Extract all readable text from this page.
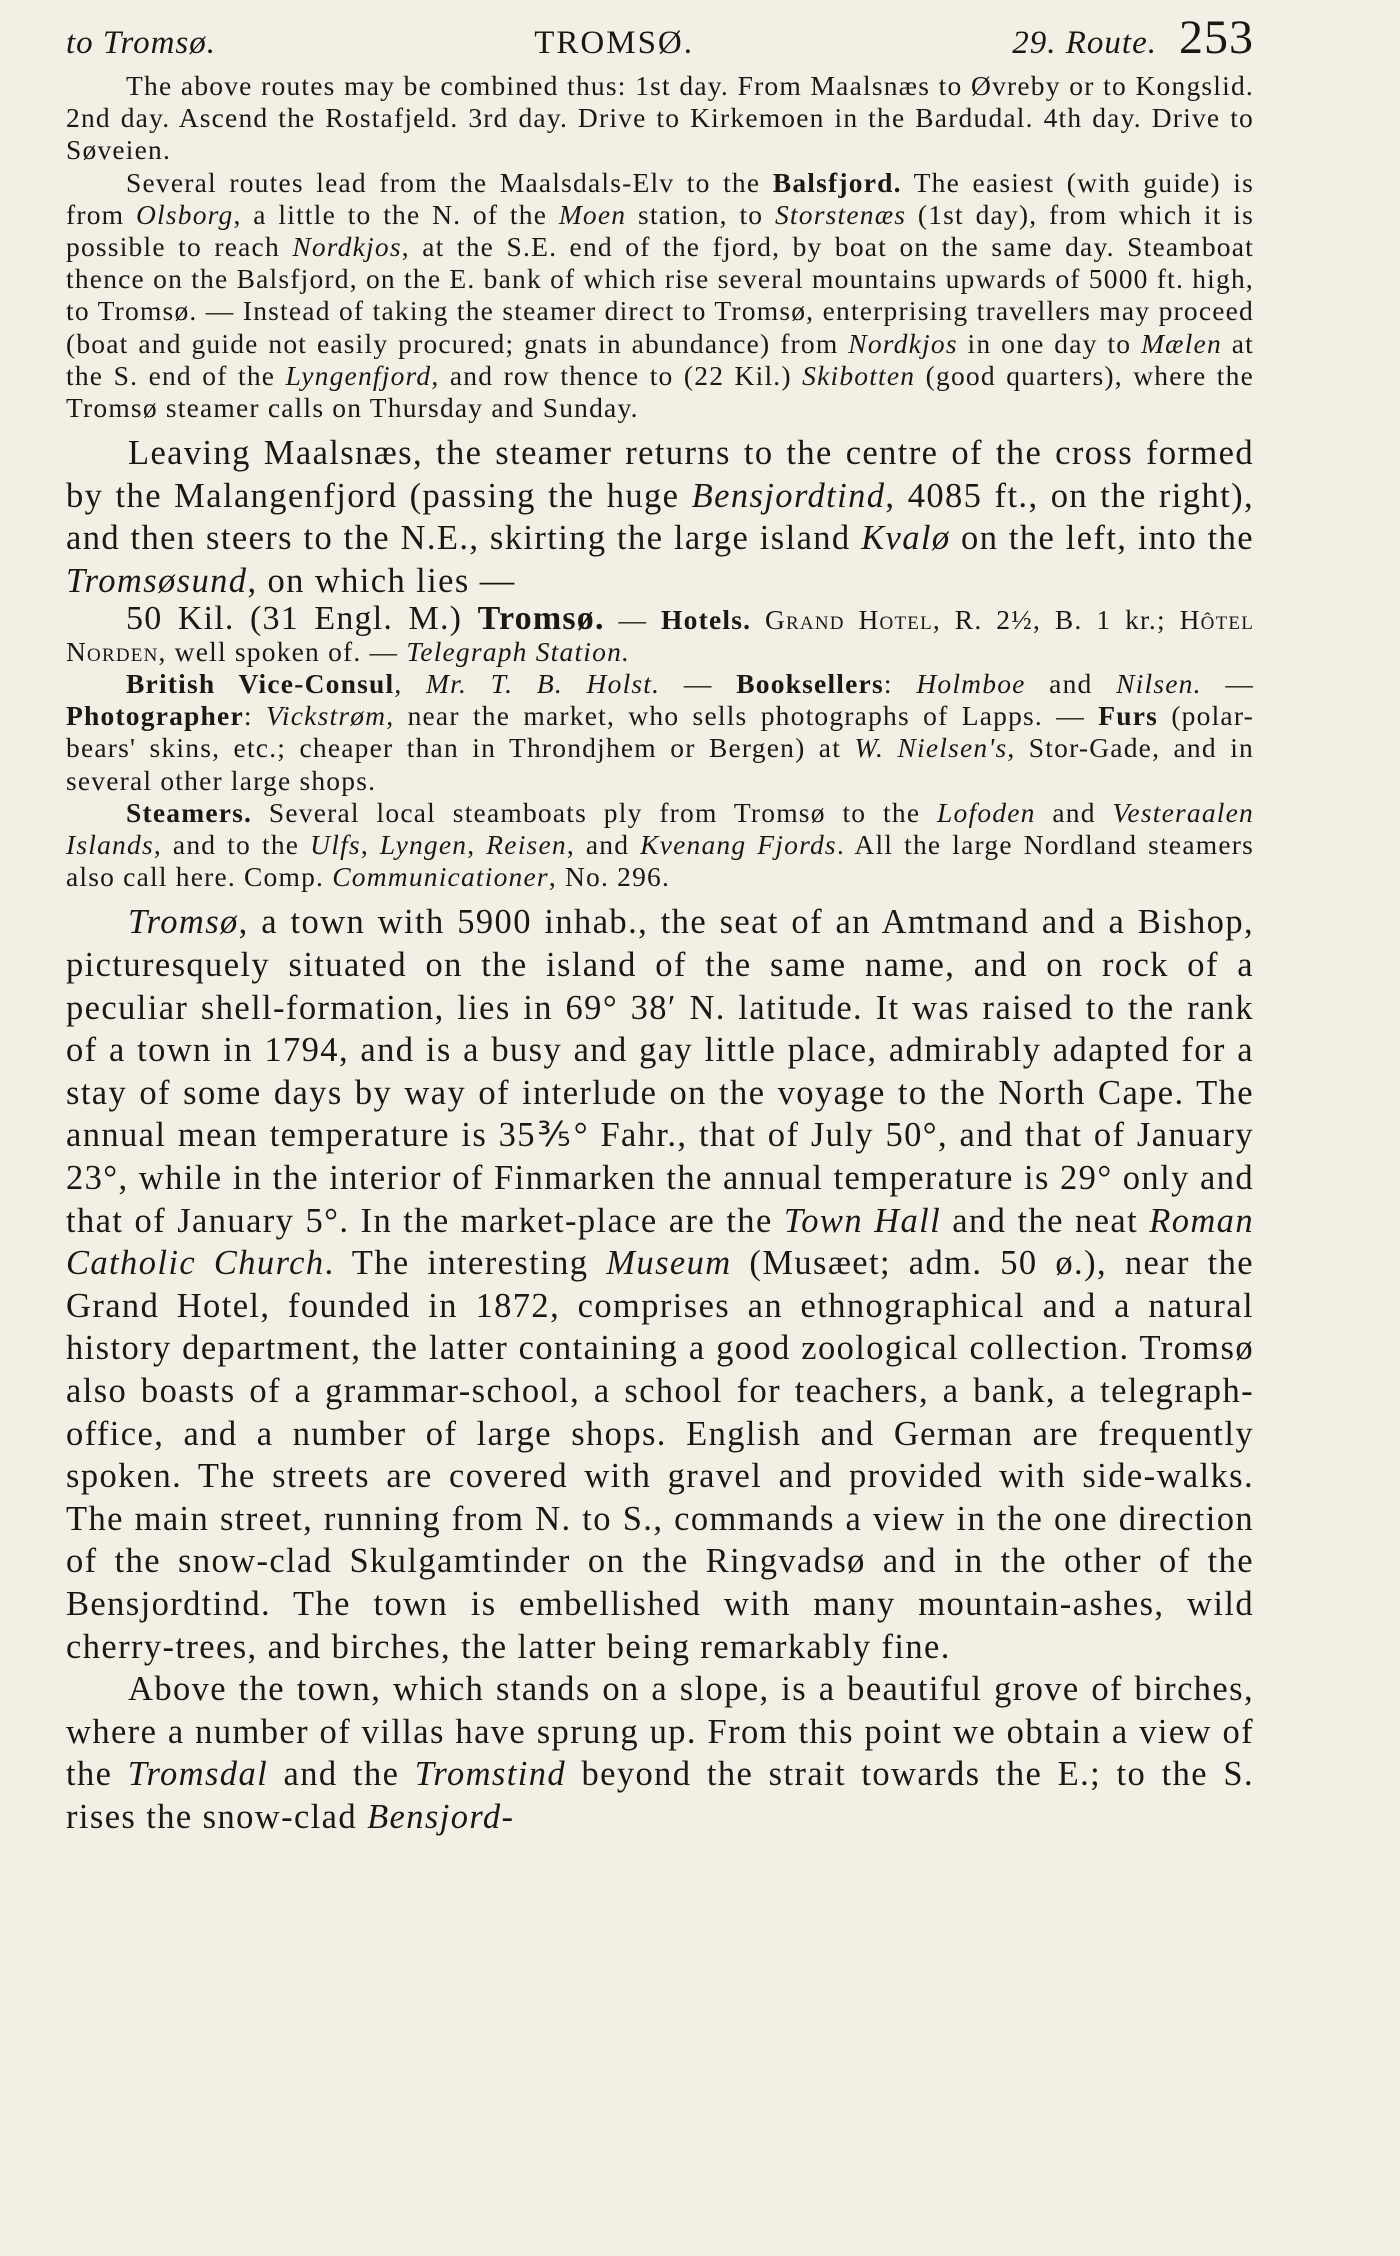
to Tromsø.	TROMSØ.	29. Route. 253

The above routes may be combined thus: 1st day. From Maalsnæs to Øvreby or to Kongslid. 2nd day. Ascend the Rostafjeld. 3rd day. Drive to Kirkemoen in the Bardudal. 4th day. Drive to Søveien.

Several routes lead from the Maalsdals-Elv to the Balsfjord. The easiest (with guide) is from Olsborg, a little to the N. of the Moen station, to Storstenæs (1st day), from which it is possible to reach Nordkjos, at the S.E. end of the fjord, by boat on the same day. Steamboat thence on the Balsfjord, on the E. bank of which rise several mountains upwards of 5000 ft. high, to Tromsø. — Instead of taking the steamer direct to Tromsø, enterprising travellers may proceed (boat and guide not easily procured; gnats in abundance) from Nordkjos in one day to Mælen at the S. end of the Lyngenfjord, and row thence to (22 Kil.) Skibotten (good quarters), where the Tromsø steamer calls on Thursday and Sunday.

Leaving Maalsnæs, the steamer returns to the centre of the cross formed by the Malangenfjord (passing the huge Bensjordtind, 4085 ft., on the right), and then steers to the N.E., skirting the large island Kvalø on the left, into the Tromsøsund, on which lies —

50 Kil. (31 Engl. M.) Tromsø. — Hotels. Grand Hotel, R. 2½, B. 1 kr.; Hôtel Norden, well spoken of. — Telegraph Station.

British Vice-Consul, Mr. T. B. Holst. — Booksellers: Holmboe and Nilsen. — Photographer: Vickstrøm, near the market, who sells photographs of Lapps. — Furs (polar-bears' skins, etc.; cheaper than in Throndjhem or Bergen) at W. Nielsen's, Stor-Gade, and in several other large shops.

Steamers. Several local steamboats ply from Tromsø to the Lofoden and Vesteraalen Islands, and to the Ulfs, Lyngen, Reisen, and Kvenang Fjords. All the large Nordland steamers also call here. Comp. Communicationer, No. 296.

Tromsø, a town with 5900 inhab., the seat of an Amtmand and a Bishop, picturesquely situated on the island of the same name, and on rock of a peculiar shell-formation, lies in 69° 38′ N. latitude. It was raised to the rank of a town in 1794, and is a busy and gay little place, admirably adapted for a stay of some days by way of interlude on the voyage to the North Cape. The annual mean temperature is 35⅗° Fahr., that of July 50°, and that of January 23°, while in the interior of Finmarken the annual temperature is 29° only and that of January 5°. In the market-place are the Town Hall and the neat Roman Catholic Church. The interesting Museum (Musæet; adm. 50 ø.), near the Grand Hotel, founded in 1872, comprises an ethnographical and a natural history department, the latter containing a good zoological collection. Tromsø also boasts of a grammar-school, a school for teachers, a bank, a telegraph-office, and a number of large shops. English and German are frequently spoken. The streets are covered with gravel and provided with side-walks. The main street, running from N. to S., commands a view in the one direction of the snow-clad Skulgamtinder on the Ringvadsø and in the other of the Bensjordtind. The town is embellished with many mountain-ashes, wild cherry-trees, and birches, the latter being remarkably fine.

Above the town, which stands on a slope, is a beautiful grove of birches, where a number of villas have sprung up. From this point we obtain a view of the Tromsdal and the Tromstind beyond the strait towards the E.; to the S. rises the snow-clad Bensjord-
